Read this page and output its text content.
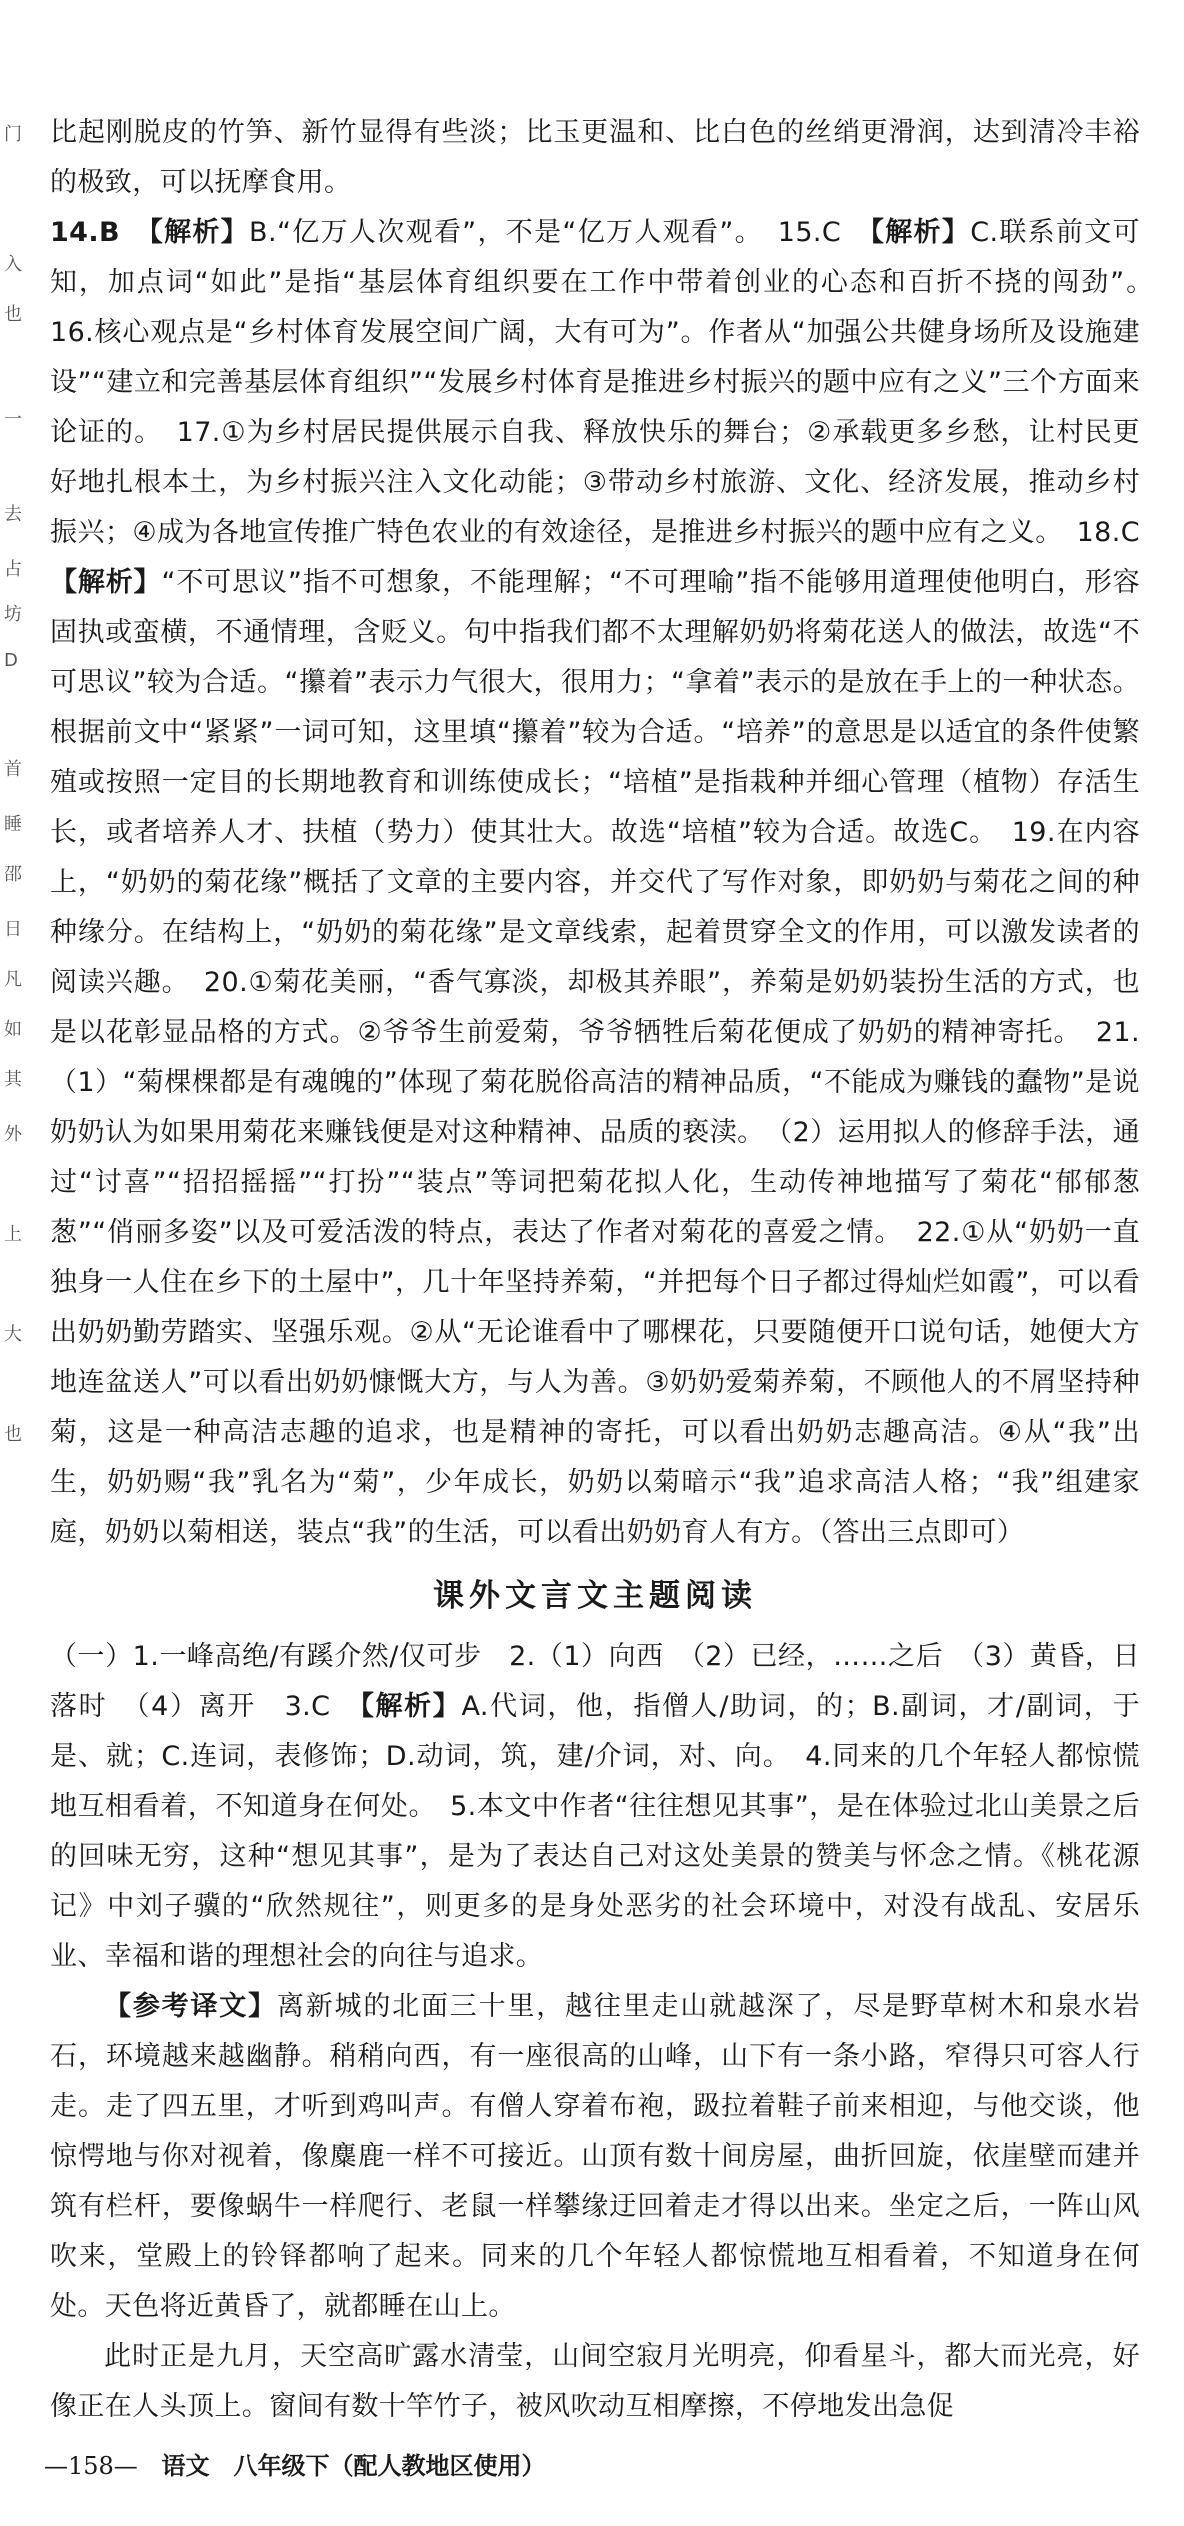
门
入
也
一
去
占
坊
D
首
睡
邵
日
凡
如
其
外
上
大
也

比起刚脱皮的竹笋、新竹显得有些淡；比玉更温和、比白色的丝绡更滑润，达到清冷丰裕的极致，可以抚摩食用。

14.B　 【解析】B.“亿万人次观看”，不是“亿万人观看”。　15.C　 【解析】C.联系前文可知，加点词“如此”是指“基层体育组织要在工作中带着创业的心态和百折不挠的闯劲”。　16.核心观点是“乡村体育发展空间广阔，大有可为”。作者从“加强公共健身场所及设施建设”“建立和完善基层体育组织”“发展乡村体育是推进乡村振兴的题中应有之义”三个方面来论证的。　17.①为乡村居民提供展示自我、释放快乐的舞台；②承载更多乡愁，让村民更好地扎根本土，为乡村振兴注入文化动能；③带动乡村旅游、文化、经济发展，推动乡村振兴；④成为各地宣传推广特色农业的有效途径，是推进乡村振兴的题中应有之义。　18.C　【解析】“不可思议”指不可想象，不能理解；“不可理喻”指不能够用道理使他明白，形容固执或蛮横，不通情理，含贬义。句中指我们都不太理解奶奶将菊花送人的做法，故选“不可思议”较为合适。“攥着”表示力气很大，很用力；“拿着”表示的是放在手上的一种状态。根据前文中“紧紧”一词可知，这里填“攥着”较为合适。“培养”的意思是以适宜的条件使繁殖或按照一定目的长期地教育和训练使成长；“培植”是指栽种并细心管理（植物）存活生长，或者培养人才、扶植（势力）使其壮大。故选“培植”较为合适。故选C。　19.在内容上，“奶奶的菊花缘”概括了文章的主要内容，并交代了写作对象，即奶奶与菊花之间的种种缘分。在结构上，“奶奶的菊花缘”是文章线索，起着贯穿全文的作用，可以激发读者的阅读兴趣。　20.①菊花美丽，“香气寡淡，却极其养眼”，养菊是奶奶装扮生活的方式，也是以花彰显品格的方式。②爷爷生前爱菊，爷爷牺牲后菊花便成了奶奶的精神寄托。　21.（1）“菊棵棵都是有魂魄的”体现了菊花脱俗高洁的精神品质，“不能成为赚钱的蠢物”是说奶奶认为如果用菊花来赚钱便是对这种精神、品质的亵渎。　（2）运用拟人的修辞手法，通过“讨喜”“招招摇摇”“打扮”“装点”等词把菊花拟人化，生动传神地描写了菊花“郁郁葱葱”“俏丽多姿”以及可爱活泼的特点，表达了作者对菊花的喜爱之情。　22.①从“奶奶一直独身一人住在乡下的土屋中”，几十年坚持养菊，“并把每个日子都过得灿烂如霞”，可以看出奶奶勤劳踏实、坚强乐观。②从“无论谁看中了哪棵花，只要随便开口说句话，她便大方地连盆送人”可以看出奶奶慷慨大方，与人为善。③奶奶爱菊养菊，不顾他人的不屑坚持种菊，这是一种高洁志趣的追求，也是精神的寄托，可以看出奶奶志趣高洁。④从“我”出生，奶奶赐“我”乳名为“菊”，少年成长，奶奶以菊暗示“我”追求高洁人格；“我”组建家庭，奶奶以菊相送，装点“我”的生活，可以看出奶奶育人有方。（答出三点即可）

课外文言文主题阅读

（一）1.一峰高绝/有蹊介然/仅可步　2.（1）向西　（2）已经，……之后　（3）黄昏，日落时　（4）离开　3.C　 【解析】A.代词，他，指僧人/助词，的；B.副词，才/副词，于是、就；C.连词，表修饰；D.动词，筑，建/介词，对、向。　4.同来的几个年轻人都惊慌地互相看着，不知道身在何处。　5.本文中作者“往往想见其事”，是在体验过北山美景之后的回味无穷，这种“想见其事”，是为了表达自己对这处美景的赞美与怀念之情。《桃花源记》中刘子骥的“欣然规往”，则更多的是身处恶劣的社会环境中，对没有战乱、安居乐业、幸福和谐的理想社会的向往与追求。

【参考译文】离新城的北面三十里，越往里走山就越深了，尽是野草树木和泉水岩石，环境越来越幽静。稍稍向西，有一座很高的山峰，山下有一条小路，窄得只可容人行走。走了四五里，才听到鸡叫声。有僧人穿着布袍，趿拉着鞋子前来相迎，与他交谈，他惊愕地与你对视着，像麋鹿一样不可接近。山顶有数十间房屋，曲折回旋，依崖壁而建并筑有栏杆，要像蜗牛一样爬行、老鼠一样攀缘迂回着走才得以出来。坐定之后，一阵山风吹来，堂殿上的铃铎都响了起来。同来的几个年轻人都惊慌地互相看着，不知道身在何处。天色将近黄昏了，就都睡在山上。

此时正是九月，天空高旷露水清莹，山间空寂月光明亮，仰看星斗，都大而光亮，好像正在人头顶上。窗间有数十竿竹子，被风吹动互相摩擦，不停地发出急促

—158— 语文　八年级下（配人教地区使用）
